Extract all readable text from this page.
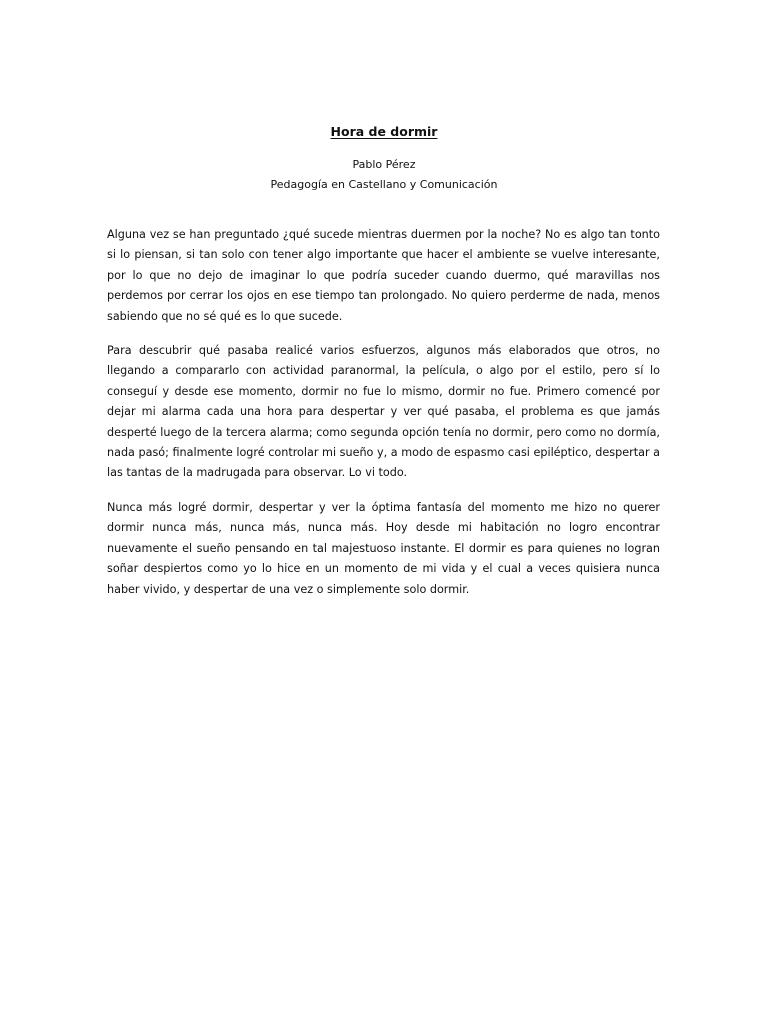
Hora de dormir
Pablo Pérez
Pedagogía en Castellano y Comunicación

Alguna vez se han preguntado ¿qué sucede mientras duermen por la noche? No es algo tan tonto si lo piensan, si tan solo con tener algo importante que hacer el ambiente se vuelve interesante, por lo que no dejo de imaginar lo que podría suceder cuando duermo, qué maravillas nos perdemos por cerrar los ojos en ese tiempo tan prolongado. No quiero perderme de nada, menos sabiendo que no sé qué es lo que sucede.

Para descubrir qué pasaba realicé varios esfuerzos, algunos más elaborados que otros, no llegando a compararlo con actividad paranormal, la película, o algo por el estilo, pero sí lo conseguí y desde ese momento, dormir no fue lo mismo, dormir no fue. Primero comencé por dejar mi alarma cada una hora para despertar y ver qué pasaba, el problema es que jamás desperté luego de la tercera alarma; como segunda opción tenía no dormir, pero como no dormía, nada pasó; finalmente logré controlar mi sueño y, a modo de espasmo casi epiléptico, despertar a las tantas de la madrugada para observar. Lo vi todo.

Nunca más logré dormir, despertar y ver la óptima fantasía del momento me hizo no querer dormir nunca más, nunca más, nunca más. Hoy desde mi habitación no logro encontrar nuevamente el sueño pensando en tal majestuoso instante. El dormir es para quienes no logran soñar despiertos como yo lo hice en un momento de mi vida y el cual a veces quisiera nunca haber vivido, y despertar de una vez o simplemente solo dormir.
